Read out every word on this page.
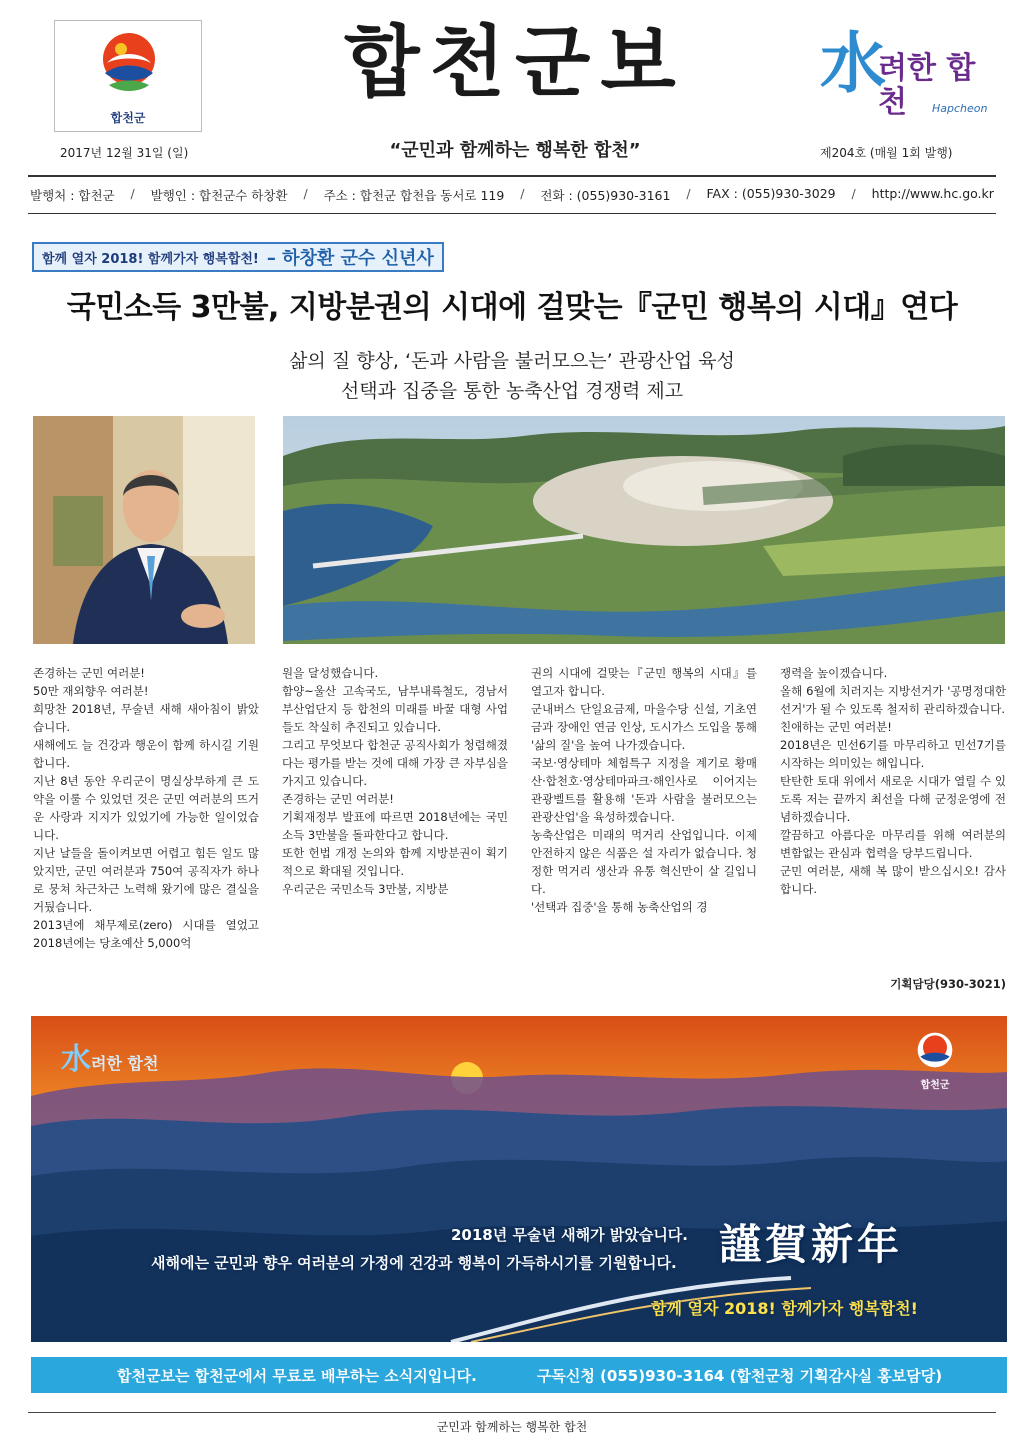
합천군
합천군보	水
려한 합천	Hapcheon
2017년 12월 31일 (일)	“군민과 함께하는 행복한 합천”	제204호 (매월 1회 발행)
발행처 : 합천군 / 발행인 : 합천군수 하창환 / 주소 : 합천군 합천읍 동서로 119 / 전화 : (055)930-3161 / FAX : (055)930-3029 / http://www.hc.go.kr
함께 열자 2018! 함께가자 행복합천! – 하창환 군수 신년사
국민소득 3만불, 지방분권의 시대에 걸맞는『군민 행복의 시대』연다
삶의 질 향상, ‘돈과 사람을 불러모으는’ 관광산업 육성
선택과 집중을 통한 농축산업 경쟁력 제고

존경하는 군민 여러분!

50만 재외향우 여러분!

희망찬 2018년, 무술년 새해 새아침이 밝았습니다.

새해에도 늘 건강과 행운이 함께 하시길 기원합니다.

지난 8년 동안 우리군이 명실상부하게 큰 도약을 이룰 수 있었던 것은 군민 여러분의 뜨거운 사랑과 지지가 있었기에 가능한 일이었습니다.

지난 날들을 돌이켜보면 어렵고 힘든 일도 많았지만, 군민 여러분과 750여 공직자가 하나로 뭉쳐 차근차근 노력해 왔기에 많은 결실을 거뒀습니다.

2013년에 채무제로(zero) 시대를 열었고 2018년에는 당초예산 5,000억

원을 달성했습니다.

함양~울산 고속국도, 남부내륙철도, 경남서부산업단지 등 합천의 미래를 바꿀 대형 사업들도 착실히 추진되고 있습니다.

그리고 무엇보다 합천군 공직사회가 청렴해졌다는 평가를 받는 것에 대해 가장 큰 자부심을 가지고 있습니다.

존경하는 군민 여러분!

기획재정부 발표에 따르면 2018년에는 국민소득 3만불을 돌파한다고 합니다.

또한 헌법 개정 논의와 함께 지방분권이 획기적으로 확대될 것입니다.

우리군은 국민소득 3만불, 지방분

권의 시대에 걸맞는『군민 행복의 시대』를 열고자 합니다.

군내버스 단일요금제, 마을수당 신설, 기초연금과 장애인 연금 인상, 도시가스 도입을 통해 '삶의 질'을 높여 나가겠습니다.

국보·영상테마 체험특구 지정을 계기로 황매산·합천호·영상테마파크·해인사로 이어지는 관광벨트를 활용해 '돈과 사람을 불러모으는 관광산업'을 육성하겠습니다.

농축산업은 미래의 먹거리 산업입니다. 이제 안전하지 않은 식품은 설 자리가 없습니다. 청정한 먹거리 생산과 유통 혁신만이 살 길입니다.

'선택과 집중'을 통해 농축산업의 경

쟁력을 높이겠습니다.

올해 6월에 치러지는 지방선거가 '공명정대한 선거'가 될 수 있도록 철저히 관리하겠습니다.

친애하는 군민 여러분!

2018년은 민선6기를 마무리하고 민선7기를 시작하는 의미있는 해입니다.

탄탄한 토대 위에서 새로운 시대가 열릴 수 있도록 저는 끝까지 최선을 다해 군정운영에 전념하겠습니다.

깔끔하고 아름다운 마무리를 위해 여러분의 변함없는 관심과 협력을 당부드립니다.

군민 여러분, 새해 복 많이 받으십시오! 감사합니다.

기획담당(930-3021)
水려한 합천
합천군
2018년 무술년 새해가 밝았습니다.
새해에는 군민과 향우 여러분의 가정에 건강과 행복이 가득하시기를 기원합니다. 謹賀新年
함께 열자 2018! 함께가자 행복합천!
합천군보는 합천군에서 무료로 배부하는 소식지입니다.	구독신청 (055)930-3164 (합천군청 기획감사실 홍보담당)
군민과 함께하는 행복한 합천
